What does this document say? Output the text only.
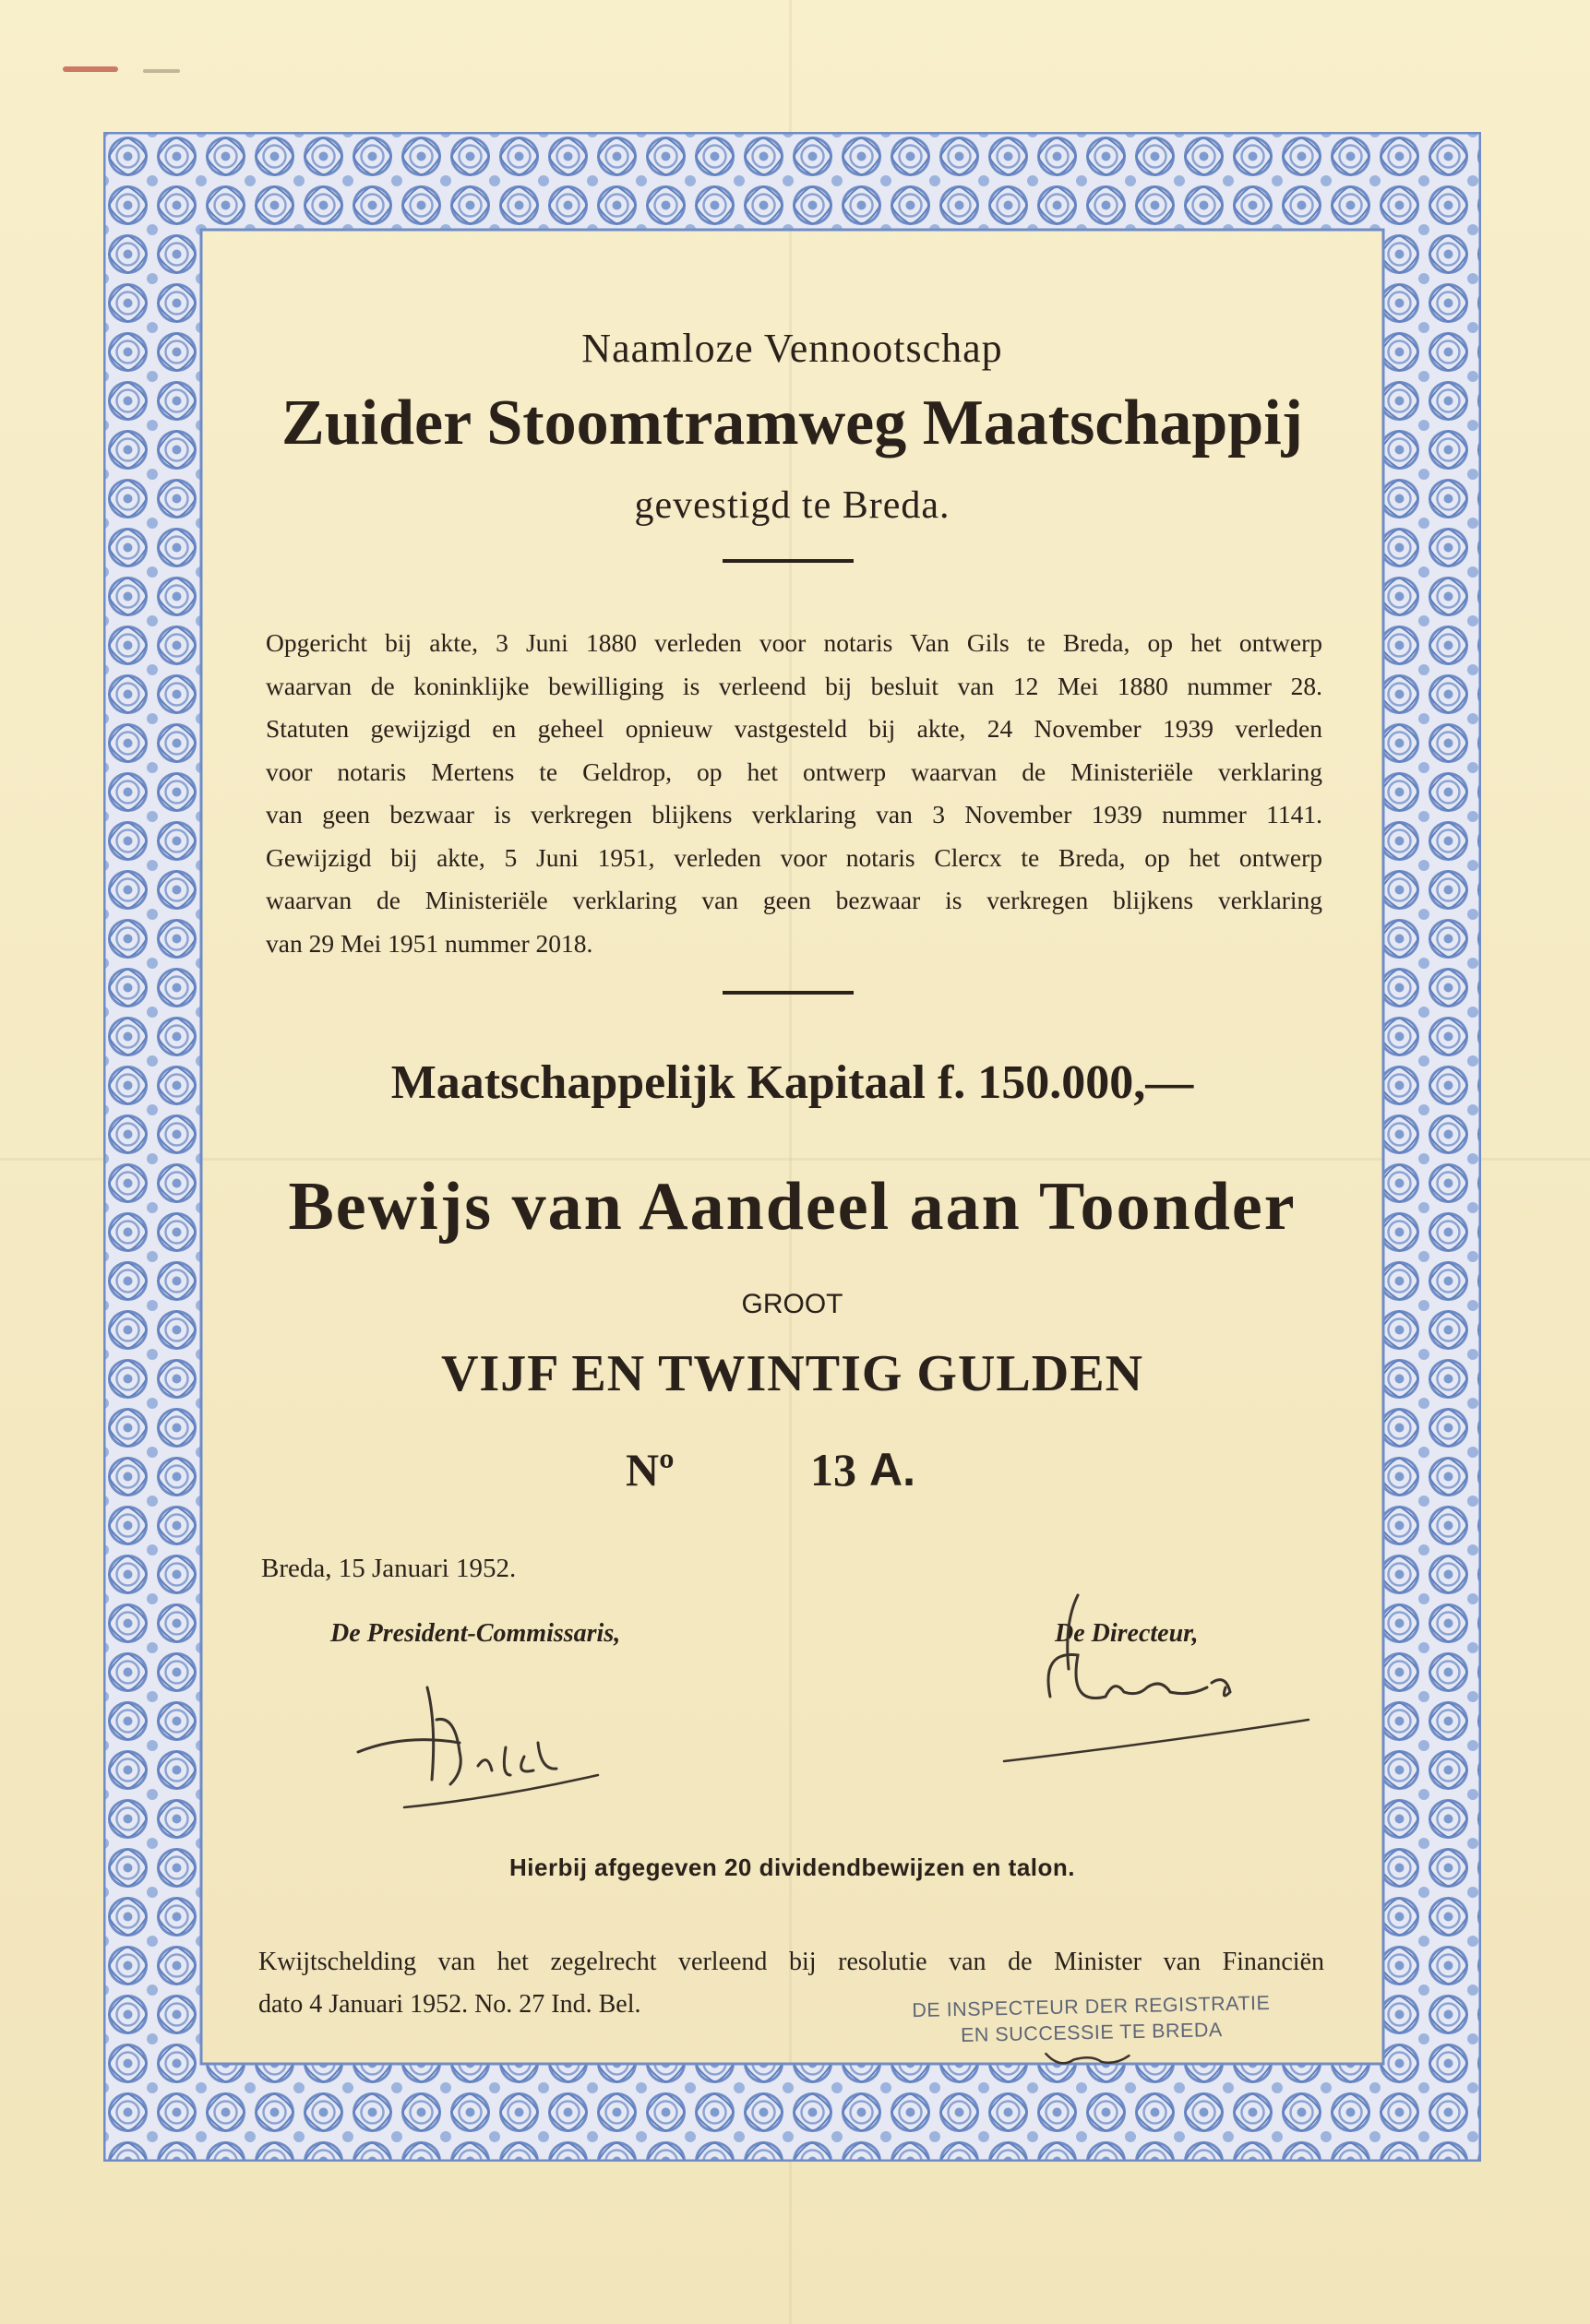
Naamloze Vennootschap
Zuider Stoomtramweg Maatschappij
gevestigd te Breda.
Opgericht bij akte, 3 Juni 1880 verleden voor notaris Van Gils te Breda, op het ontwerp
waarvan de koninklijke bewilliging is verleend bij besluit van 12 Mei 1880 nummer 28.
Statuten gewijzigd en geheel opnieuw vastgesteld bij akte, 24 November 1939 verleden
voor notaris Mertens te Geldrop, op het ontwerp waarvan de Ministeriële verklaring
van geen bezwaar is verkregen blijkens verklaring van 3 November 1939 nummer 1141.
Gewijzigd bij akte, 5 Juni 1951, verleden voor notaris Clercx te Breda, op het ontwerp
waarvan de Ministeriële verklaring van geen bezwaar is verkregen blijkens verklaring
van 29 Mei 1951 nummer 2018.
Maatschappelijk Kapitaal f. 150.000,—
Bewijs van Aandeel aan Toonder
GROOT
VIJF EN TWINTIG GULDEN
Nº	13 A.
Breda, 15 Januari 1952.
De President-Commissaris,	De Directeur,
Hierbij afgegeven 20 dividendbewijzen en talon.
Kwijtschelding van het zegelrecht verleend bij resolutie van de Minister van Financiën
dato 4 Januari 1952. No. 27 Ind. Bel.	DE INSPECTEUR DER REGISTRATIE
EN SUCCESSIE TE BREDA
